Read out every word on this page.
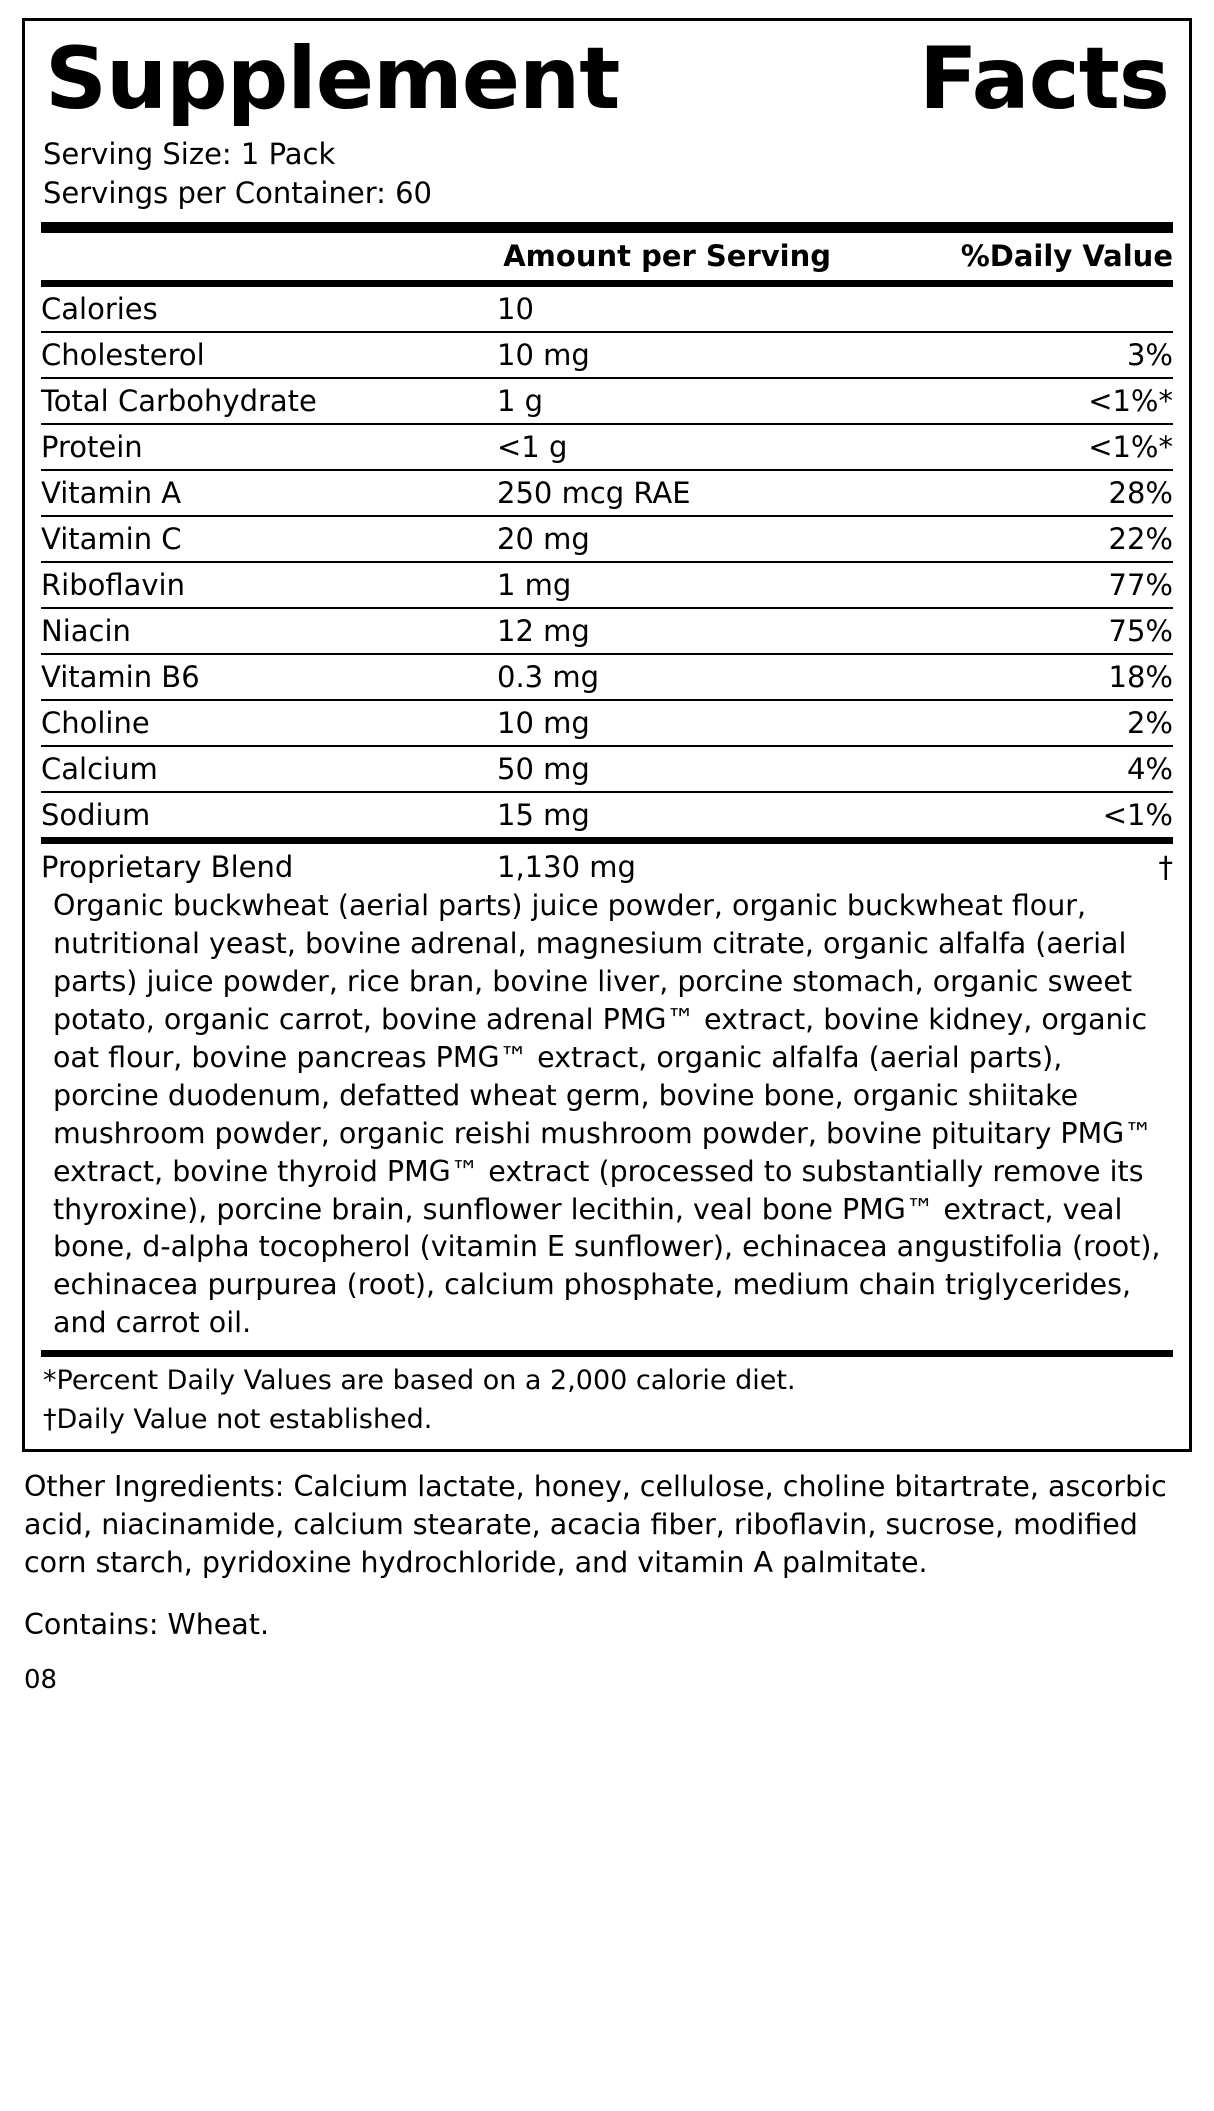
Supplement	Facts
Serving Size: 1 Pack
Servings per Container: 60
Amount per Serving	%Daily Value
Calories	10
Cholesterol	10 mg	3%
Total Carbohydrate	1 g	<1%*
Protein	<1 g	<1%*
Vitamin A	250 mcg RAE	28%
Vitamin C	20 mg	22%
Riboflavin	1 mg	77%
Niacin	12 mg	75%
Vitamin B6	0.3 mg	18%
Choline	10 mg	2%
Calcium	50 mg	4%
Sodium	15 mg	<1%
Proprietary Blend	1,130 mg	†
Organic buckwheat (aerial parts) juice powder, organic buckwheat flour, nutritional yeast, bovine adrenal, magnesium citrate, organic alfalfa (aerial parts) juice powder, rice bran, bovine liver, porcine stomach, organic sweet potato, organic carrot, bovine adrenal PMG™ extract, bovine kidney, organic oat flour, bovine pancreas PMG™ extract, organic alfalfa (aerial parts), porcine duodenum, defatted wheat germ, bovine bone, organic shiitake mushroom powder, organic reishi mushroom powder, bovine pituitary PMG™ extract, bovine thyroid PMG™ extract (processed to substantially remove its thyroxine), porcine brain, sunflower lecithin, veal bone PMG™ extract, veal bone, d-alpha tocopherol (vitamin E sunflower), echinacea angustifolia (root), echinacea purpurea (root), calcium phosphate, medium chain triglycerides, and carrot oil.
*Percent Daily Values are based on a 2,000 calorie diet.
†Daily Value not established.
Other Ingredients: Calcium lactate, honey, cellulose, choline bitartrate, ascorbic acid, niacinamide, calcium stearate, acacia fiber, riboflavin, sucrose, modified corn starch, pyridoxine hydrochloride, and vitamin A palmitate.
Contains: Wheat.
08
